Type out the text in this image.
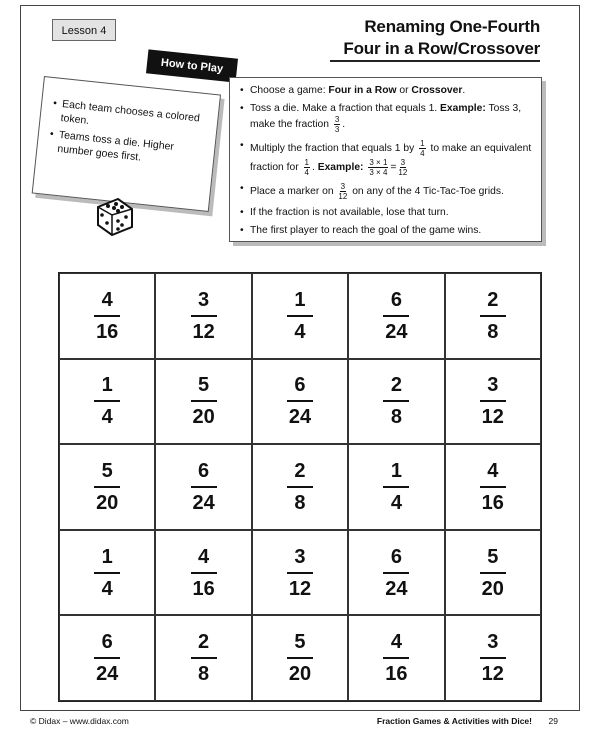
Lesson 4	Renaming One-Fourth
Four in a Row/Crossover
• Each team chooses a colored token.
• Teams toss a die. Higher number goes first.
How to Play
• Choose a game: Four in a Row or Crossover.
• Toss a die. Make a fraction that equals 1. Example: Toss 3, make the fraction $\frac{3}{3}$ .
• Multiply the fraction that equals 1 by $\frac{1}{4}$ to make an equivalent fraction for $\frac{1}{4}$ . Example: $\frac{3 \times 1}{3 \times 4} = \frac{3}{12}$
• Place a marker on $\frac{3}{12}$ on any of the 4 Tic-Tac-Toe grids.
• If the fraction is not available, lose that turn.
• The first player to reach the goal of the game wins.
$\frac{4}{16}$	$\frac{3}{12}$	$\frac{1}{4}$	$\frac{6}{24}$	$\frac{2}{8}$
$\frac{1}{4}$	$\frac{5}{20}$	$\frac{6}{24}$	$\frac{2}{8}$	$\frac{3}{12}$
$\frac{5}{20}$	$\frac{6}{24}$	$\frac{2}{8}$	$\frac{1}{4}$	$\frac{4}{16}$
$\frac{1}{4}$	$\frac{4}{16}$	$\frac{3}{12}$	$\frac{6}{24}$	$\frac{5}{20}$
$\frac{6}{24}$	$\frac{2}{8}$	$\frac{5}{20}$	$\frac{4}{16}$	$\frac{3}{12}$
© Didax – www.didax.com	Fraction Games & Activities with Dice! 29
